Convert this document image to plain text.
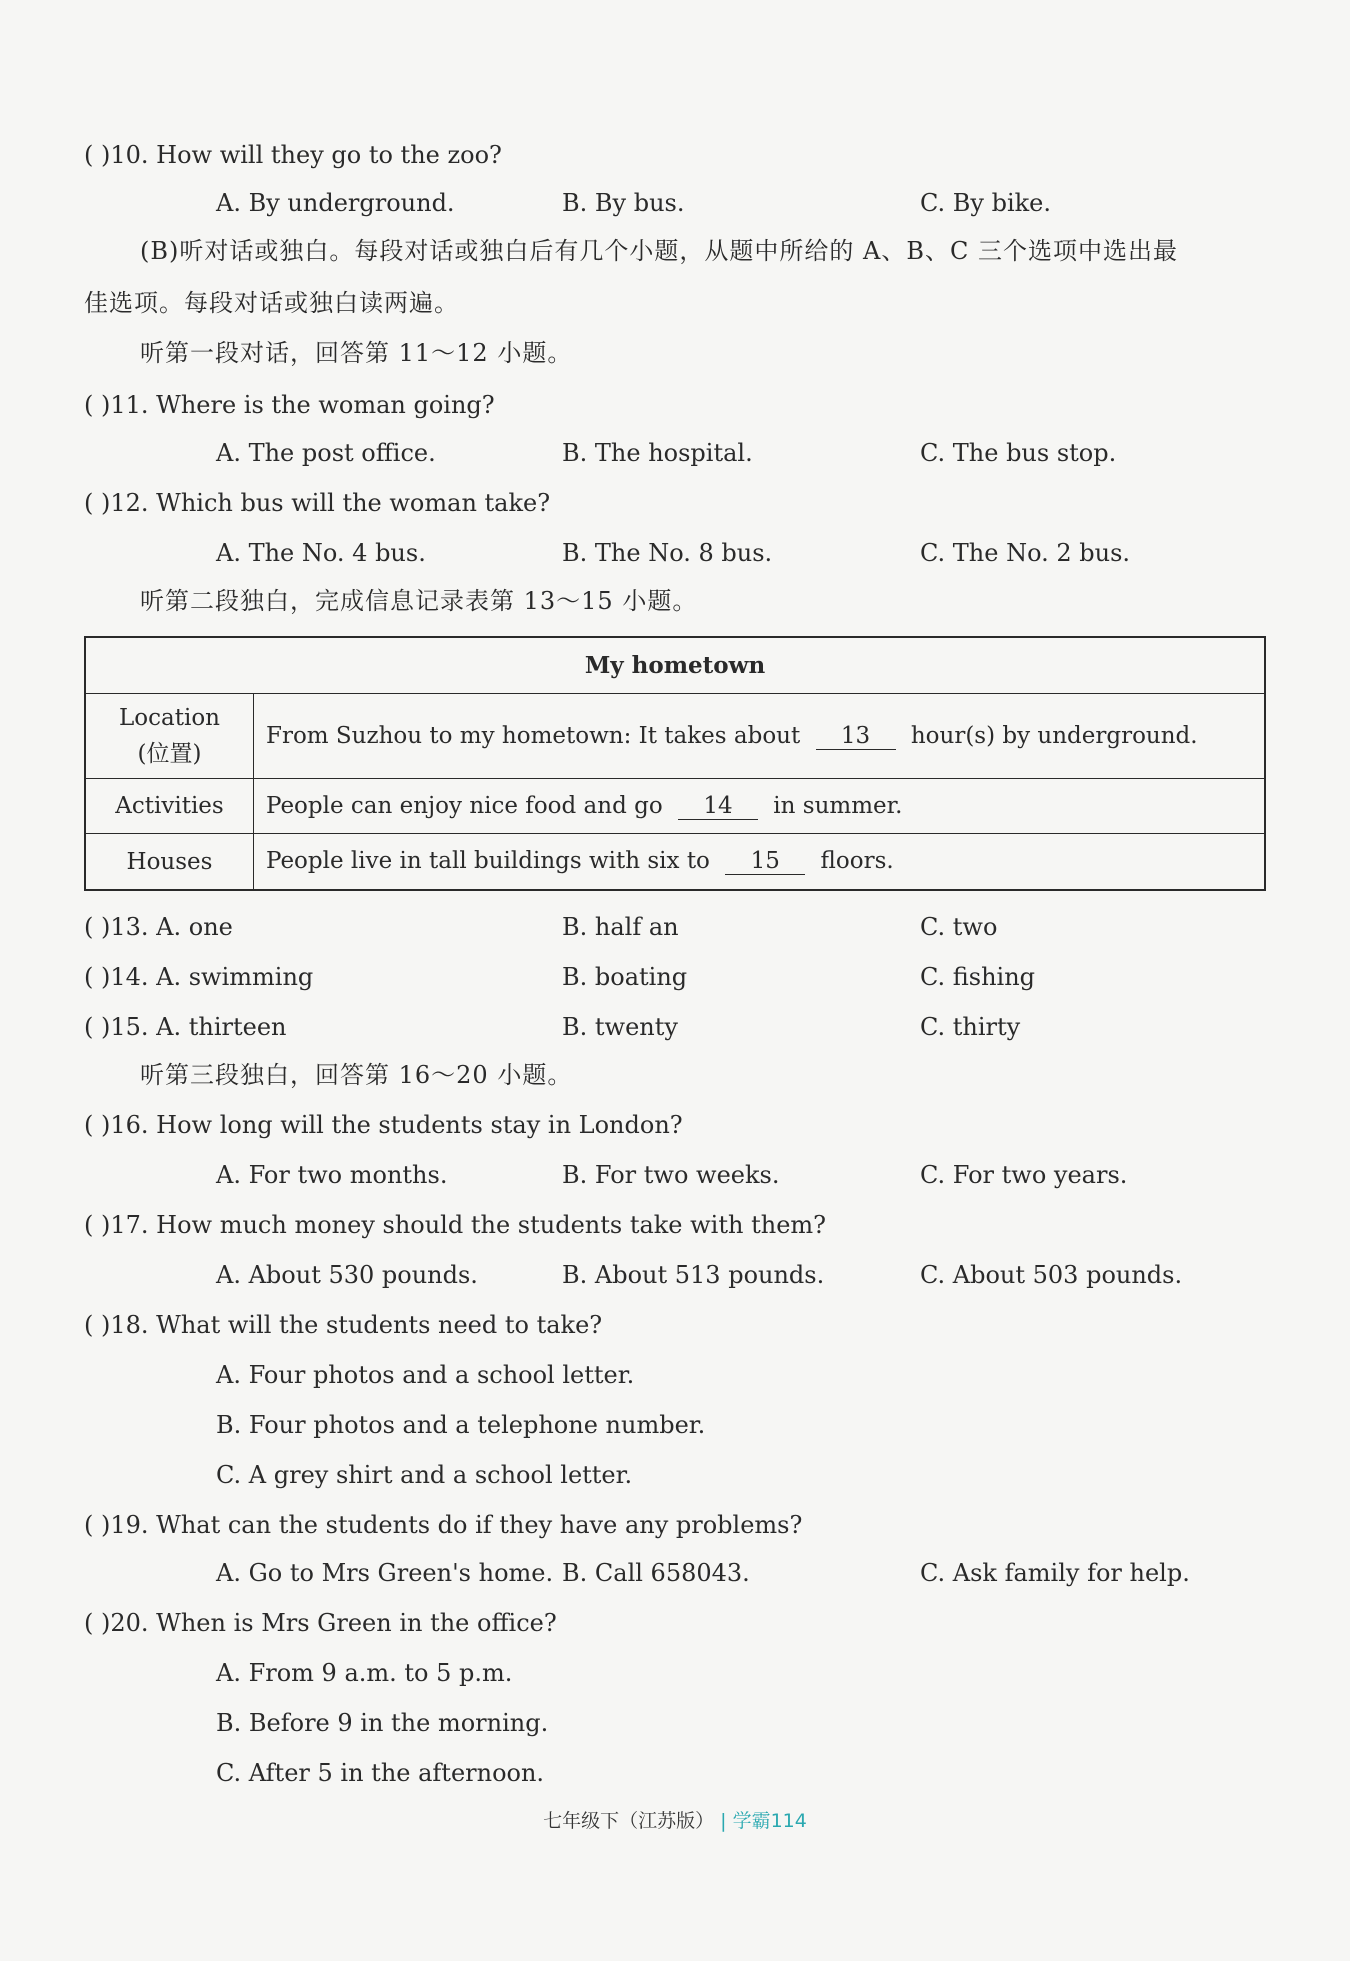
( )10. How will they go to the zoo?
A. By underground.	B. By bus.	C. By bike.
(B)听对话或独白。每段对话或独白后有几个小题，从题中所给的 A、B、C 三个选项中选出最
佳选项。每段对话或独白读两遍。
听第一段对话，回答第 11～12 小题。
( )11. Where is the woman going?
A. The post office.	B. The hospital.	C. The bus stop.
( )12. Which bus will the woman take?
A. The No. 4 bus.	B. The No. 8 bus.	C. The No. 2 bus.
听第二段独白，完成信息记录表第 13～15 小题。
My hometown	

Location
(位置)	From Suzhou to my hometown: It takes about 13 hour(s) by underground.
Activities	People can enjoy nice food and go 14 in summer.
Houses	People live in tall buildings with six to 15 floors.
( )13. A. one	B. half an	C. two
( )14. A. swimming	B. boating	C. fishing
( )15. A. thirteen	B. twenty	C. thirty
听第三段独白，回答第 16～20 小题。
( )16. How long will the students stay in London?
A. For two months.	B. For two weeks.	C. For two years.
( )17. How much money should the students take with them?
A. About 530 pounds.	B. About 513 pounds.	C. About 503 pounds.
( )18. What will the students need to take?
A. Four photos and a school letter.
B. Four photos and a telephone number.
C. A grey shirt and a school letter.
( )19. What can the students do if they have any problems?
A. Go to Mrs Green's home. B. Call 658043.	C. Ask family for help.
( )20. When is Mrs Green in the office?
A. From 9 a.m. to 5 p.m.
B. Before 9 in the morning.
C. After 5 in the afternoon.
七年级下（江苏版） | 学霸114
